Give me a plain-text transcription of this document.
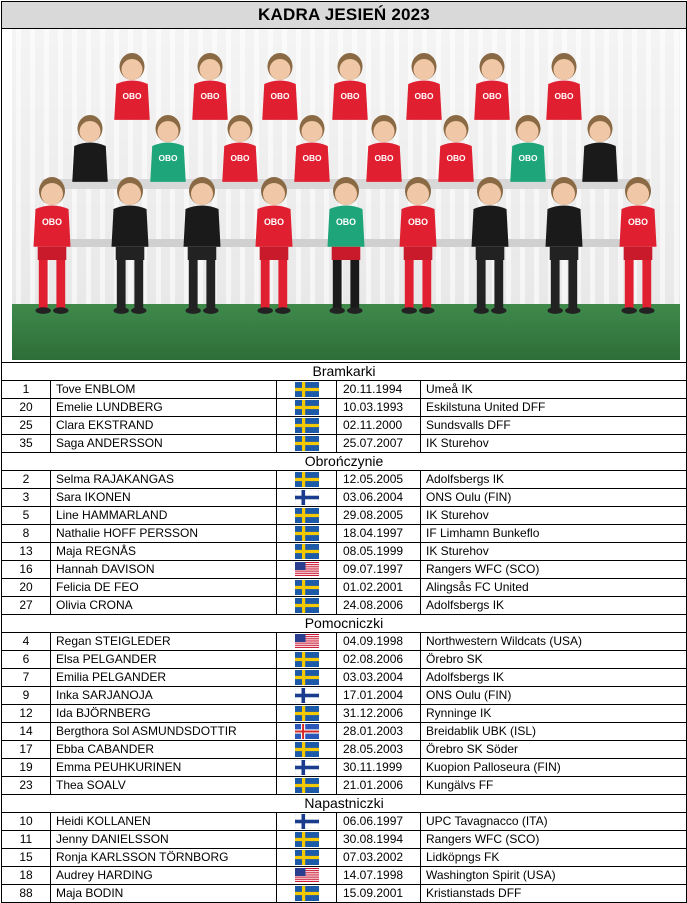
KADRA JESIEŃ 2023
OBO	OBO	OBO	OBO	OBO	OBO	OBO
OBO	OBO	OBO	OBO	OBO	OBO
OBO	OBO	OBO	OBO	OBO
Bramkarki
1	Tove ENBLOM	20.11.1994	Umeå IK
20	Emelie LUNDBERG	10.03.1993	Eskilstuna United DFF
25	Clara EKSTRAND	02.11.2000	Sundsvalls DFF
35	Saga ANDERSSON	25.07.2007	IK Sturehov
Obrończynie
2	Selma RAJAKANGAS	12.05.2005	Adolfsbergs IK
3	Sara IKONEN	03.06.2004	ONS Oulu (FIN)
5	Line HAMMARLAND	29.08.2005	IK Sturehov
8	Nathalie HOFF PERSSON	18.04.1997	IF Limhamn Bunkeflo
13	Maja REGNÅS	08.05.1999	IK Sturehov
16	Hannah DAVISON	09.07.1997	Rangers WFC (SCO)
20	Felicia DE FEO	01.02.2001	Alingsås FC United
27	Olivia CRONA	24.08.2006	Adolfsbergs IK
Pomocniczki
4	Regan STEIGLEDER	04.09.1998	Northwestern Wildcats (USA)
6	Elsa PELGANDER	02.08.2006	Örebro SK
7	Emilia PELGANDER	03.03.2004	Adolfsbergs IK
9	Inka SARJANOJA	17.01.2004	ONS Oulu (FIN)
12	Ida BJÖRNBERG	31.12.2006	Rynninge IK
14	Bergthora Sol ASMUNDSDOTTIR	28.01.2003	Breidablik UBK (ISL)
17	Ebba CABANDER	28.05.2003	Örebro SK Söder
19	Emma PEUHKURINEN	30.11.1999	Kuopion Palloseura (FIN)
23	Thea SOALV	21.01.2006	Kungälvs FF
Napastniczki
10	Heidi KOLLANEN	06.06.1997	UPC Tavagnacco (ITA)
11	Jenny DANIELSSON	30.08.1994	Rangers WFC (SCO)
15	Ronja KARLSSON TÖRNBORG	07.03.2002	Lidköpngs FK
18	Audrey HARDING	14.07.1998	Washington Spirit (USA)
88	Maja BODIN	15.09.2001	Kristianstads DFF
